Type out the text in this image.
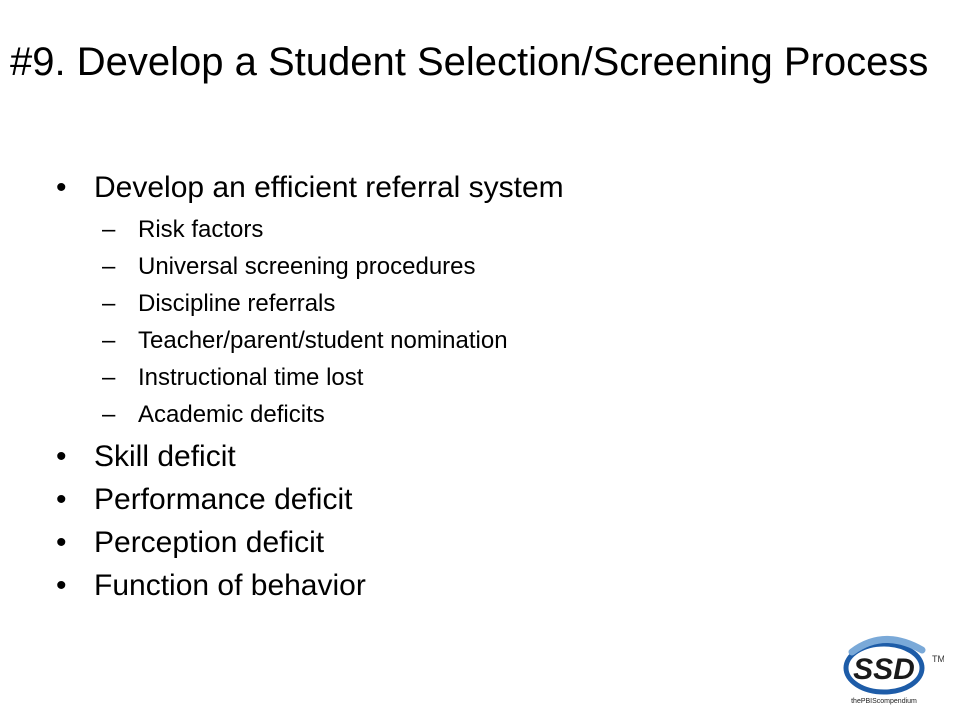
#9. Develop a Student Selection/Screening Process
• Develop an efficient referral system
– Risk factors
– Universal screening procedures
– Discipline referrals
– Teacher/parent/student nomination
– Instructional time lost
– Academic deficits
• Skill deficit
• Performance deficit
• Perception deficit
• Function of behavior
SSD
thePBIScompendium
TM
